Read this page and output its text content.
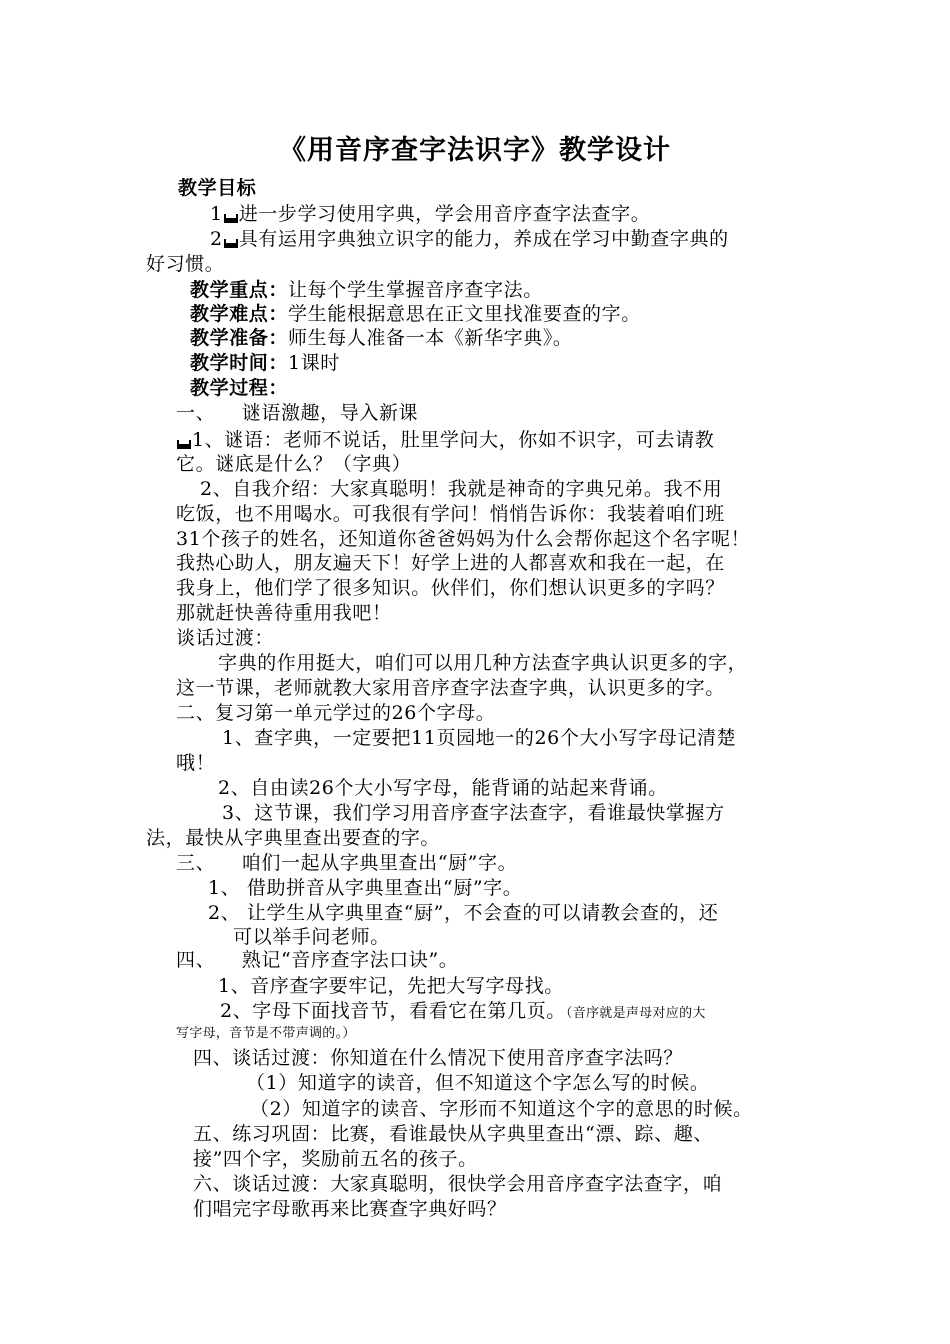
《用音序查字法识字》教学设计
教学目标
1 进一步学习使用字典，学会用音序查字法查字。
2 具有运用字典独立识字的能力，养成在学习中勤查字典的
好习惯。
教学重点：让每个学生掌握音序查字法。
教学难点：学生能根据意思在正文里找准要查的字。
教学准备：师生每人准备一本《新华字典》。
教学时间：1课时
教学过程：
一、    谜语激趣，导入新课
1、谜语：老师不说话，肚里学问大，你如不识字，可去请教
它。谜底是什么？（字典）
2、自我介绍：大家真聪明！我就是神奇的字典兄弟。我不用
吃饭，也不用喝水。可我很有学问！悄悄告诉你：我装着咱们班
31个孩子的姓名，还知道你爸爸妈妈为什么会帮你起这个名字呢！
我热心助人，朋友遍天下！好学上进的人都喜欢和我在一起，在
我身上，他们学了很多知识。伙伴们，你们想认识更多的字吗？
那就赶快善待重用我吧！
谈话过渡：
字典的作用挺大，咱们可以用几种方法查字典认识更多的字，
这一节课，老师就教大家用音序查字法查字典，认识更多的字。
二、复习第一单元学过的26个字母。
1、查字典，一定要把11页园地一的26个大小写字母记清楚
哦！
2、自由读26个大小写字母，能背诵的站起来背诵。
3、这节课，我们学习用音序查字法查字，看谁最快掌握方
法，最快从字典里查出要查的字。
三、    咱们一起从字典里查出“厨”字。
1、 借助拼音从字典里查出“厨”字。
2、 让学生从字典里查“厨”，不会查的可以请教会查的，还
可以举手问老师。
四、    熟记“音序查字法口诀”。
1、音序查字要牢记，先把大写字母找。
2、字母下面找音节，看看它在第几页。（音序就是声母对应的大
写字母，音节是不带声调的。）
四、谈话过渡：你知道在什么情况下使用音序查字法吗？
（1）知道字的读音，但不知道这个字怎么写的时候。
（2）知道字的读音、字形而不知道这个字的意思的时候。
五、练习巩固：比赛，看谁最快从字典里查出“漂、踪、趣、
接”四个字，奖励前五名的孩子。
六、谈话过渡：大家真聪明，很快学会用音序查字法查字，咱
们唱完字母歌再来比赛查字典好吗？
